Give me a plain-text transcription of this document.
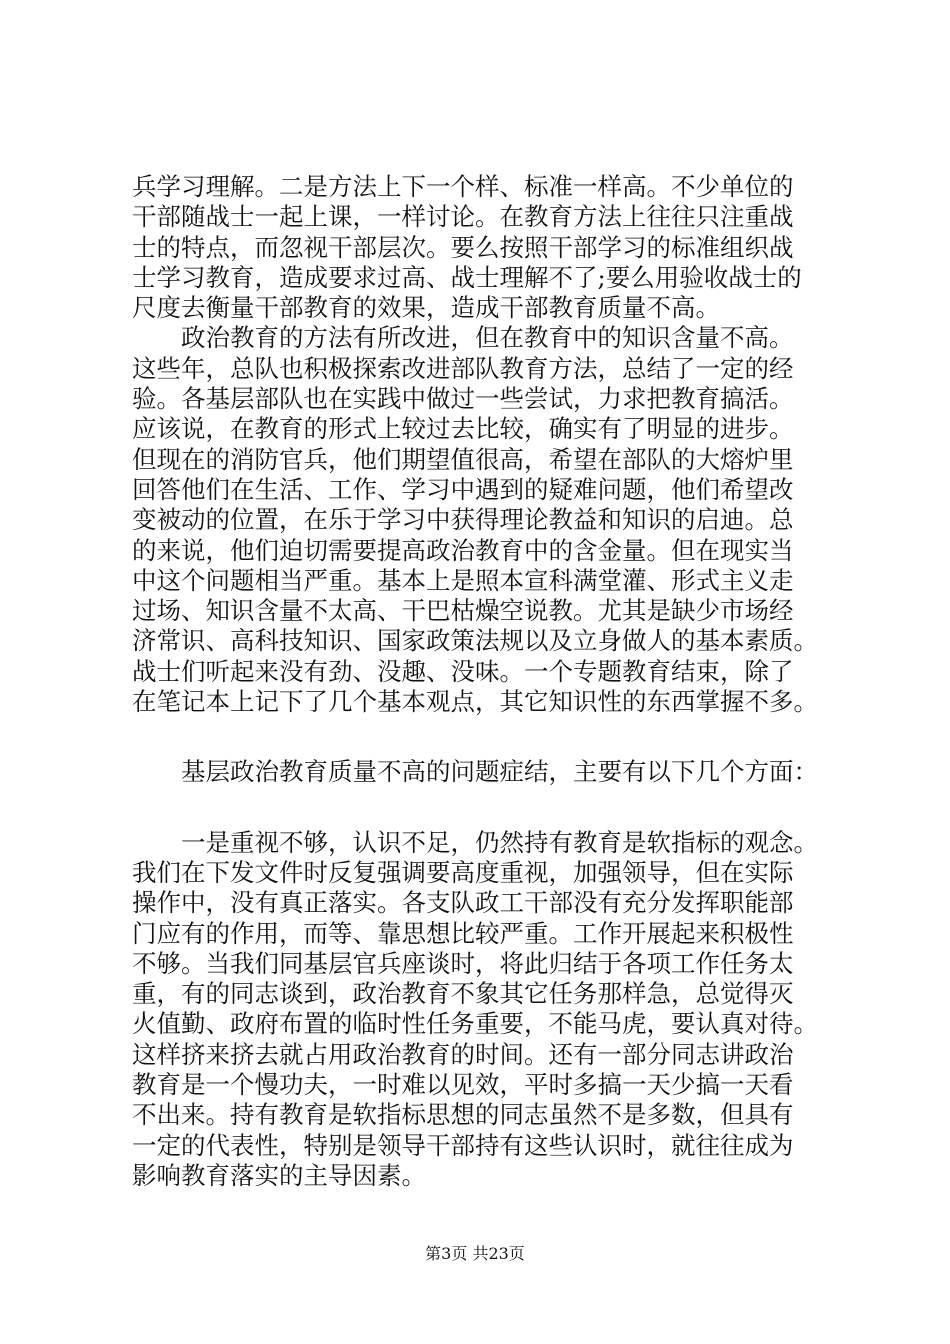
兵学习理解。二是方法上下一个样、标准一样高。不少单位的
干部随战士一起上课，一样讨论。在教育方法上往往只注重战
士的特点，而忽视干部层次。要么按照干部学习的标准组织战
士学习教育，造成要求过高、战士理解不了;要么用验收战士的
尺度去衡量干部教育的效果，造成干部教育质量不高。
　　政治教育的方法有所改进，但在教育中的知识含量不高。
这些年，总队也积极探索改进部队教育方法，总结了一定的经
验。各基层部队也在实践中做过一些尝试，力求把教育搞活。
应该说，在教育的形式上较过去比较，确实有了明显的进步。
但现在的消防官兵，他们期望值很高，希望在部队的大熔炉里
回答他们在生活、工作、学习中遇到的疑难问题，他们希望改
变被动的位置，在乐于学习中获得理论教益和知识的启迪。总
的来说，他们迫切需要提高政治教育中的含金量。但在现实当
中这个问题相当严重。基本上是照本宣科满堂灌、形式主义走
过场、知识含量不太高、干巴枯燥空说教。尤其是缺少市场经
济常识、高科技知识、国家政策法规以及立身做人的基本素质。
战士们听起来没有劲、没趣、没味。一个专题教育结束，除了
在笔记本上记下了几个基本观点，其它知识性的东西掌握不多。
　　基层政治教育质量不高的问题症结，主要有以下几个方面：
　　一是重视不够，认识不足，仍然持有教育是软指标的观念。
我们在下发文件时反复强调要高度重视，加强领导，但在实际
操作中，没有真正落实。各支队政工干部没有充分发挥职能部
门应有的作用，而等、靠思想比较严重。工作开展起来积极性
不够。当我们同基层官兵座谈时，将此归结于各项工作任务太
重，有的同志谈到，政治教育不象其它任务那样急，总觉得灭
火值勤、政府布置的临时性任务重要，不能马虎，要认真对待。
这样挤来挤去就占用政治教育的时间。还有一部分同志讲政治
教育是一个慢功夫，一时难以见效，平时多搞一天少搞一天看
不出来。持有教育是软指标思想的同志虽然不是多数，但具有
一定的代表性，特别是领导干部持有这些认识时，就往往成为
影响教育落实的主导因素。
第3页 共23页
